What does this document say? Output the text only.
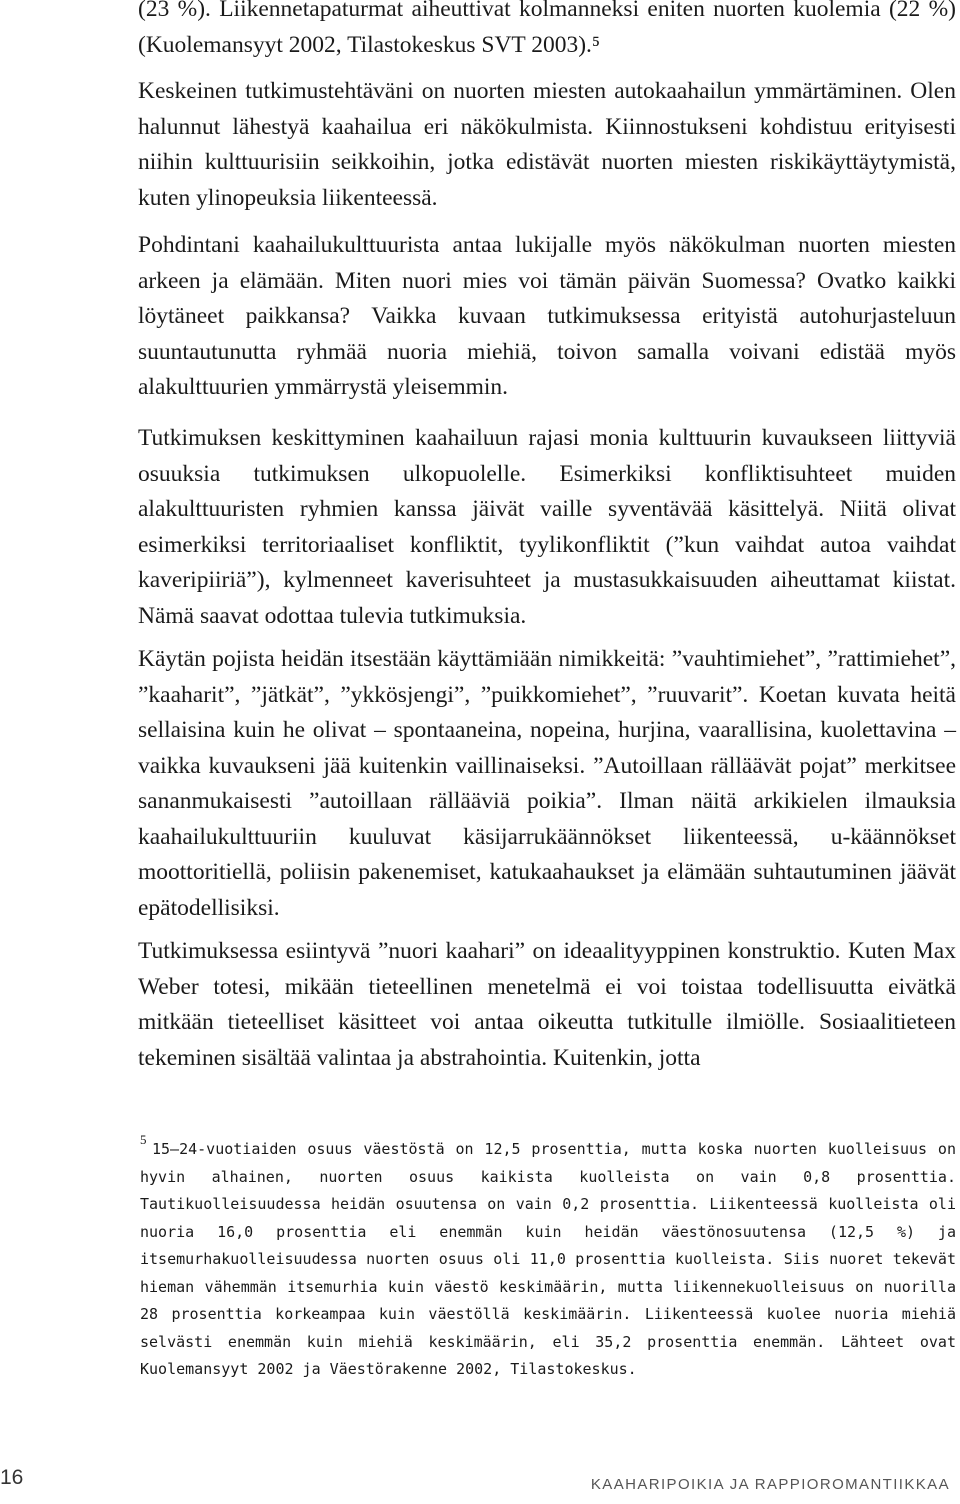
(23 %). Liikennetapaturmat aiheuttivat kolmanneksi eniten nuorten kuolemia (22 %) (Kuolemansyyt 2002, Tilastokeskus SVT 2003).⁵

Keskeinen tutkimustehtäväni on nuorten miesten autokaahailun ymmärtäminen. Olen halunnut lähestyä kaahailua eri näkökulmista. Kiinnostukseni kohdistuu erityisesti niihin kulttuurisiin seikkoihin, jotka edistävät nuorten miesten riskikäyttäytymistä, kuten ylinopeuksia liikenteessä.

Pohdintani kaahailukulttuurista antaa lukijalle myös näkökulman nuorten miesten arkeen ja elämään. Miten nuori mies voi tämän päivän Suomessa? Ovatko kaikki löytäneet paikkansa? Vaikka kuvaan tutkimuksessa erityistä autohurjasteluun suuntautunutta ryhmää nuoria miehiä, toivon samalla voivani edistää myös alakulttuurien ymmärrystä yleisemmin.

Tutkimuksen keskittyminen kaahailuun rajasi monia kulttuurin kuvaukseen liittyviä osuuksia tutkimuksen ulkopuolelle. Esimerkiksi konfliktisuhteet muiden alakulttuuristen ryhmien kanssa jäivät vaille syventävää käsittelyä. Niitä olivat esimerkiksi territoriaaliset konfliktit, tyylikonfliktit (”kun vaihdat autoa vaihdat kaveripiiriä”), kylmenneet kaverisuhteet ja mustasukkaisuuden aiheuttamat kiistat. Nämä saavat odottaa tulevia tutkimuksia.

Käytän pojista heidän itsestään käyttämiään nimikkeitä: ”vauhtimiehet”, ”rattimiehet”, ”kaaharit”, ”jätkät”, ”ykkösjengi”, ”puikkomiehet”, ”ruuvarit”. Koetan kuvata heitä sellaisina kuin he olivat – spontaaneina, nopeina, hurjina, vaarallisina, kuolettavina – vaikka kuvaukseni jää kuitenkin vaillinaiseksi. ”Autoillaan rälläävät pojat” merkitsee sananmukaisesti ”autoillaan rällääviä poikia”. Ilman näitä arkikielen ilmauksia kaahailukulttuuriin kuuluvat käsijarrukäännökset liikenteessä, u-käännökset moottoritiellä, poliisin pakenemiset, katukaahaukset ja elämään suhtautuminen jäävät epätodellisiksi.

Tutkimuksessa esiintyvä ”nuori kaahari” on ideaalityyppinen konstruktio. Kuten Max Weber totesi, mikään tieteellinen menetelmä ei voi toistaa todellisuutta eivätkä mitkään tieteelliset käsitteet voi antaa oikeutta tutkitulle ilmiölle. Sosiaalitieteen tekeminen sisältää valintaa ja abstrahointia. Kuitenkin, jotta

5

15–24-vuotiaiden osuus väestöstä on 12,5 prosenttia, mutta koska nuorten kuolleisuus on hyvin alhainen, nuorten osuus kaikista kuolleista on vain 0,8 prosenttia. Tautikuolleisuudessa heidän osuutensa on vain 0,2 prosenttia. Liikenteessä kuolleista oli nuoria 16,0 prosenttia eli enemmän kuin heidän väestönosuutensa (12,5 %) ja itsemurhakuolleisuudessa nuorten osuus oli 11,0 prosenttia kuolleista. Siis nuoret tekevät hieman vähemmän itsemurhia kuin väestö keskimäärin, mutta liikennekuolleisuus on nuorilla 28 prosenttia korkeampaa kuin väestöllä keskimäärin. Liikenteessä kuolee nuoria miehiä selvästi enemmän kuin miehiä keskimäärin, eli 35,2 prosenttia enemmän. Lähteet ovat Kuolemansyyt 2002 ja Väestörakenne 2002, Tilastokeskus.

16	KAAHARIPOIKIA JA RAPPIOROMANTIIKKAA
